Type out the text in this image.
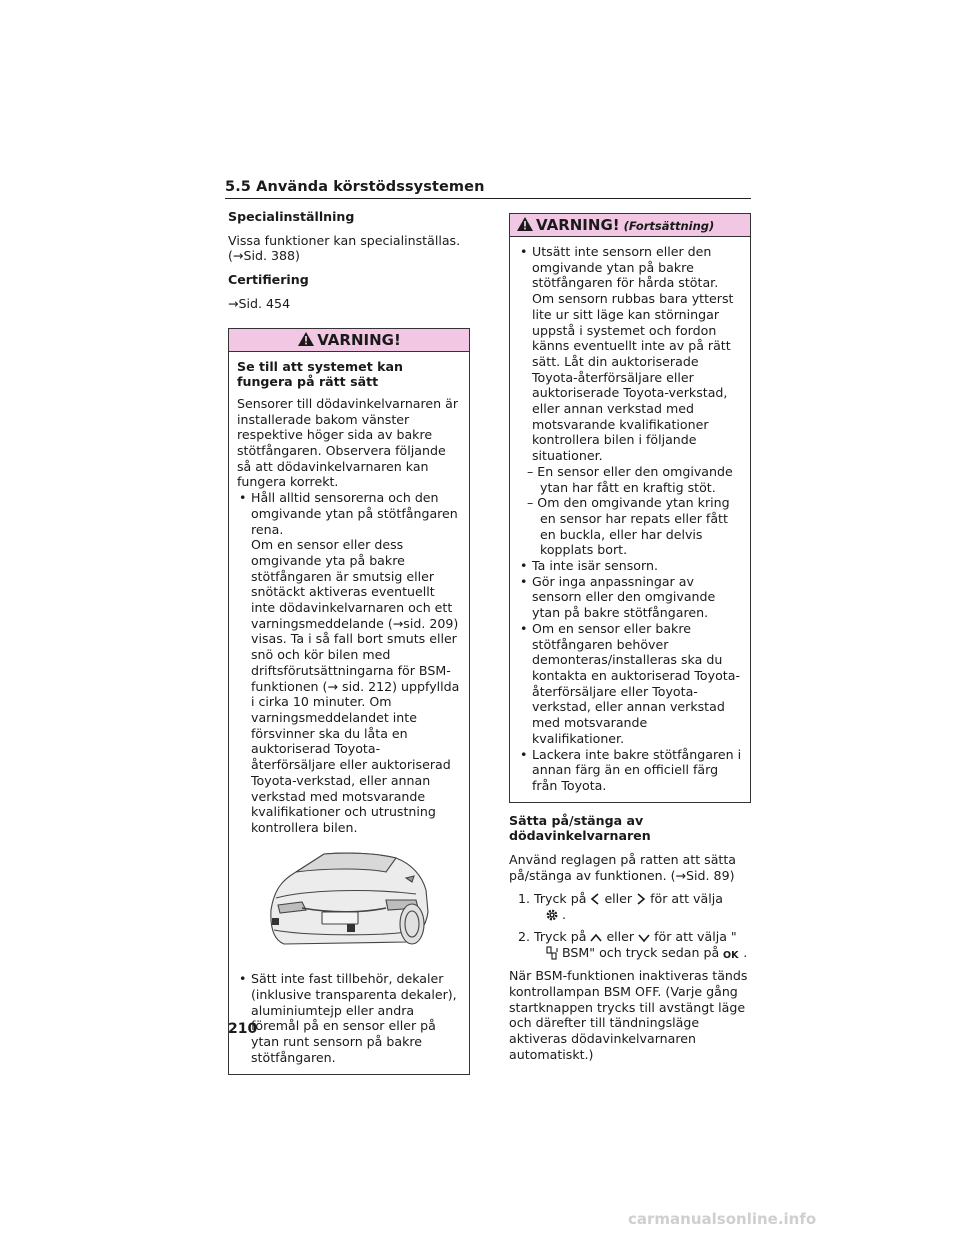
5.5 Använda körstödssystemen
Specialinställning

Vissa funktioner kan specialinställas. (→Sid. 388)

Certifiering

→Sid. 454

VARNING!
Se till att systemet kan fungera på rätt sätt

Sensorer till dödavinkelvarnaren är installerade bakom vänster respektive höger sida av bakre stötfångaren. Observera följande så att dödavinkelvarnaren kan fungera korrekt.

• Håll alltid sensorerna och den omgivande ytan på stötfångaren rena.
Om en sensor eller dess omgivande yta på bakre stötfångaren är smutsig eller snötäckt aktiveras eventuellt inte dödavinkelvarnaren och ett varningsmeddelande (→sid. 209) visas. Ta i så fall bort smuts eller snö och kör bilen med driftsförutsättningarna för BSM-funktionen (→ sid. 212) uppfyllda i cirka 10 minuter. Om varningsmeddelandet inte försvinner ska du låta en auktoriserad Toyota-återförsäljare eller auktoriserad Toyota-verkstad, eller annan verkstad med motsvarande kvalifikationer och utrustning kontrollera bilen.
• Sätt inte fast tillbehör, dekaler (inklusive transparenta dekaler), aluminiumtejp eller andra föremål på en sensor eller på ytan runt sensorn på bakre stötfångaren.
VARNING! (Fortsättning)
• Utsätt inte sensorn eller den omgivande ytan på bakre stötfångaren för hårda stötar. Om sensorn rubbas bara ytterst lite ur sitt läge kan störningar uppstå i systemet och fordon känns eventuellt inte av på rätt sätt. Låt din auktoriserade Toyota-återförsäljare eller auktoriserade Toyota-verkstad, eller annan verkstad med motsvarande kvalifikationer kontrollera bilen i följande situationer.
– En sensor eller den omgivande ytan har fått en kraftig stöt.
– Om den omgivande ytan kring en sensor har repats eller fått en buckla, eller har delvis kopplats bort.
• Ta inte isär sensorn.
• Gör inga anpassningar av sensorn eller den omgivande ytan på bakre stötfångaren.
• Om en sensor eller bakre stötfångaren behöver demonteras/installeras ska du kontakta en auktoriserad Toyota-återförsäljare eller Toyota-verkstad, eller annan verkstad med motsvarande kvalifikationer.
• Lackera inte bakre stötfångaren i annan färg än en officiell färg från Toyota.
Sätta på/stänga av dödavinkelvarnaren

Använd reglagen på ratten att sätta på/stänga av funktionen. (→Sid. 89)

1. Tryck på eller för att välja
.
2. Tryck på eller för att välja "
BSM" och tryck sedan på OK .

När BSM-funktionen inaktiveras tänds kontrollampan BSM OFF. (Varje gång startknappen trycks till avstängt läge och därefter till tändningsläge aktiveras dödavinkelvarnaren automatiskt.)

210
carmanualsonline.info
